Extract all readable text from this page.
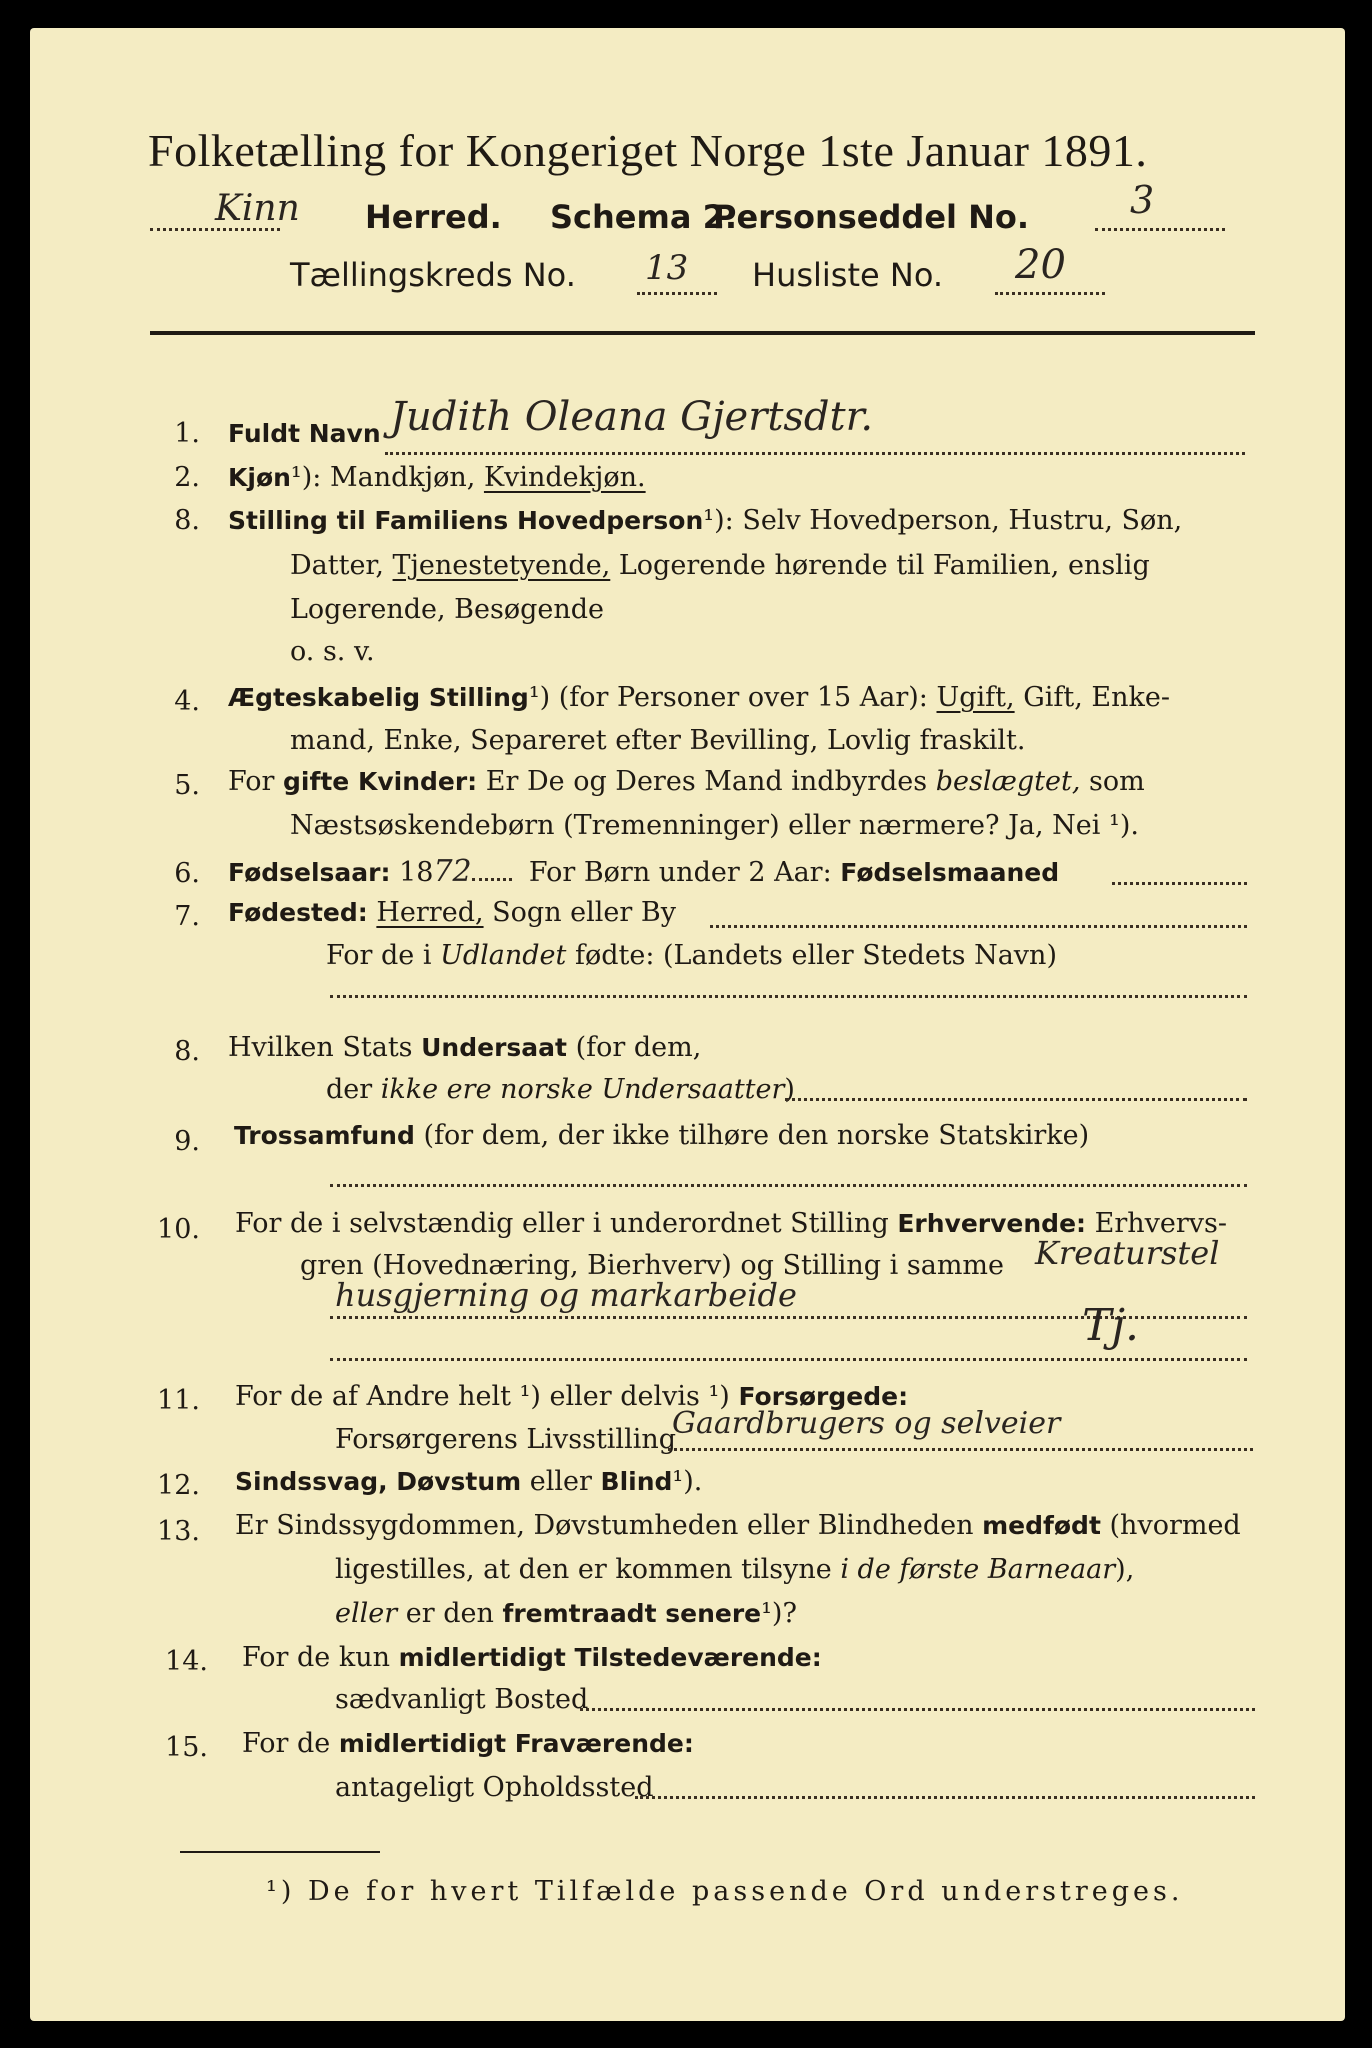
Folketælling for Kongeriget Norge 1ste Januar 1891.
Kinn Herred. Schema 2.
Personseddel No.	3
Tællingskreds No. 13 Husliste No. 20
1. Fuldt Navn Judith Oleana Gjertsdtr.
2. Kjøn¹): Mandkjøn, Kvindekjøn.
8. Stilling til Familiens Hovedperson¹): Selv Hovedperson, Hustru, Søn,
Datter, Tjenestetyende, Logerende hørende til Familien, enslig
Logerende, Besøgende
o. s. v.
4. Ægteskabelig Stilling¹) (for Personer over 15 Aar): Ugift, Gift, Enke-
mand, Enke, Separeret efter Bevilling, Lovlig fraskilt.
5. For gifte Kvinder: Er De og Deres Mand indbyrdes beslægtet, som
Næstsøskendebørn (Tremenninger) eller nærmere? Ja, Nei ¹).
6. Fødselsaar: 1872 For Børn under 2 Aar: Fødselsmaaned
7. Fødested: Herred, Sogn eller By
For de i Udlandet fødte: (Landets eller Stedets Navn)
8. Hvilken Stats Undersaat (for dem,
der ikke ere norske Undersaatter)
9. Trossamfund (for dem, der ikke tilhøre den norske Statskirke)
10. For de i selvstændig eller i underordnet Stilling Erhvervende: Erhvervs-
gren (Hovednæring, Bierhverv) og Stilling i samme Kreaturstel
husgjerning og markarbeide
Tj.
11. For de af Andre helt ¹) eller delvis ¹) Forsørgede:
Forsørgerens Livsstilling
Gaardbrugers og selveier
12. Sindssvag, Døvstum eller Blind¹).
13. Er Sindssygdommen, Døvstumheden eller Blindheden medfødt (hvormed
ligestilles, at den er kommen tilsyne i de første Barneaar),
eller er den fremtraadt senere¹)?
14. For de kun midlertidigt Tilstedeværende:
sædvanligt Bosted
15. For de midlertidigt Fraværende:
antageligt Opholdssted
¹) De for hvert Tilfælde passende Ord understreges.
